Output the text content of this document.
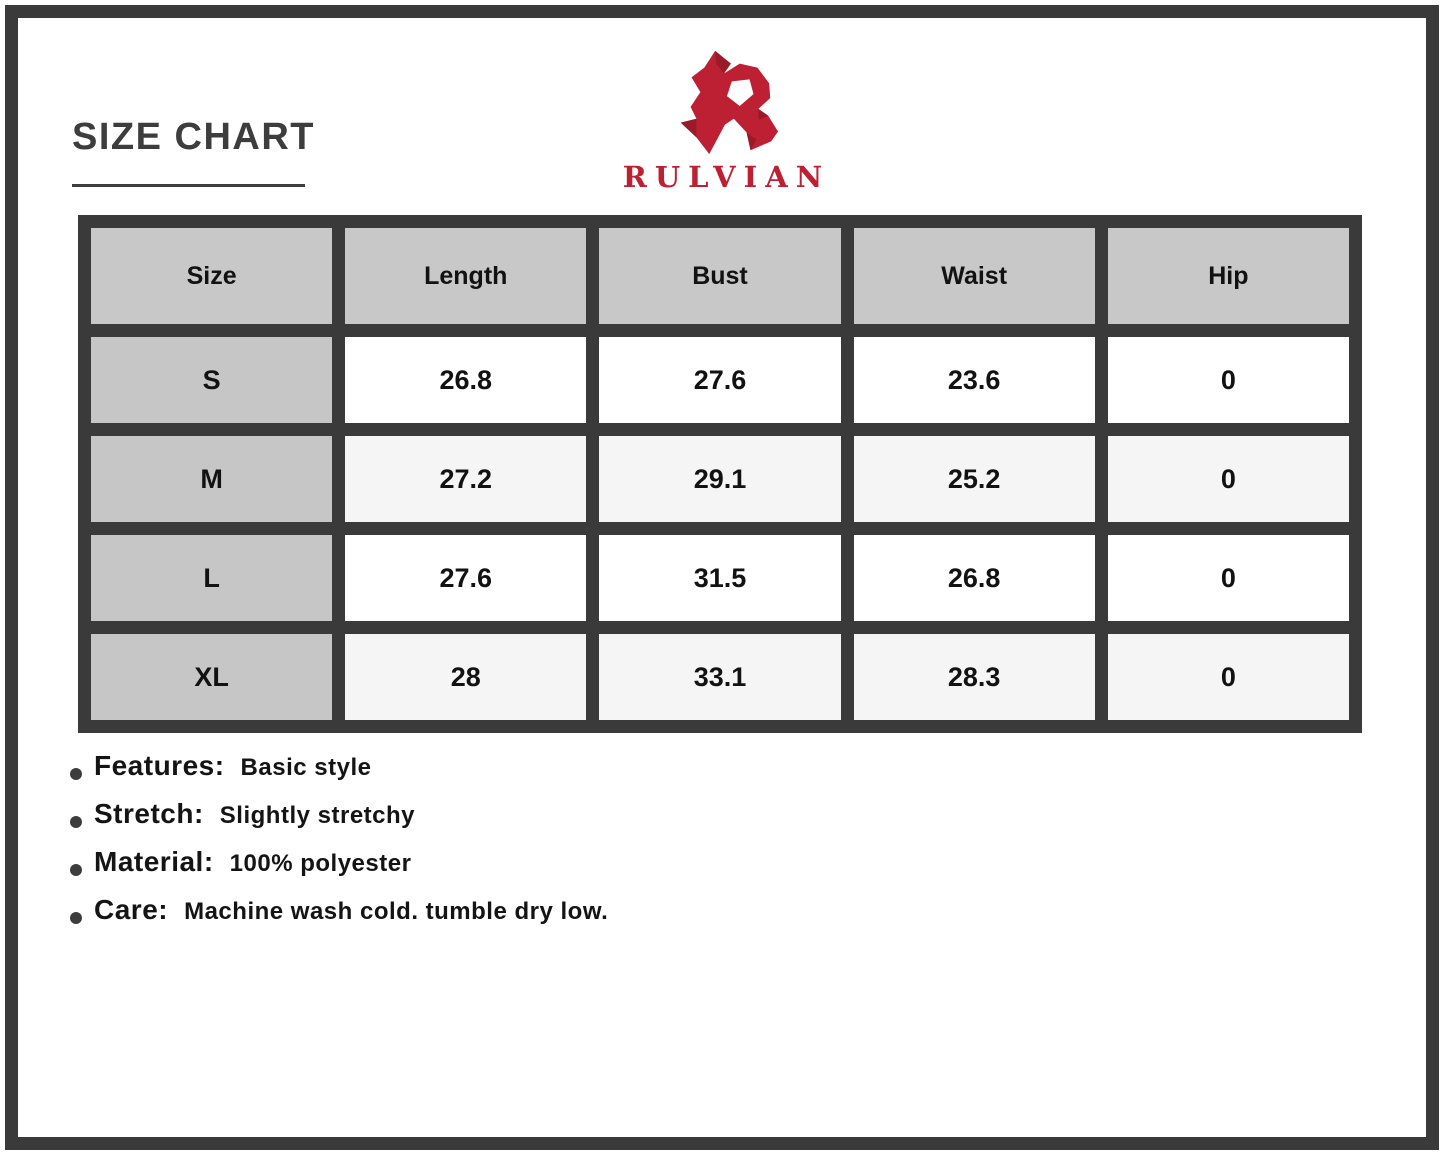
SIZE CHART
RULVIAN
Size	Length	Bust	Waist	Hip
S	26.8	27.6	23.6	0
M	27.2	29.1	25.2	0
L	27.6	31.5	26.8	0
XL	28	33.1	28.3	0
Features: Basic style
Stretch: Slightly stretchy
Material: 100% polyester
Care: Machine wash cold. tumble dry low.
